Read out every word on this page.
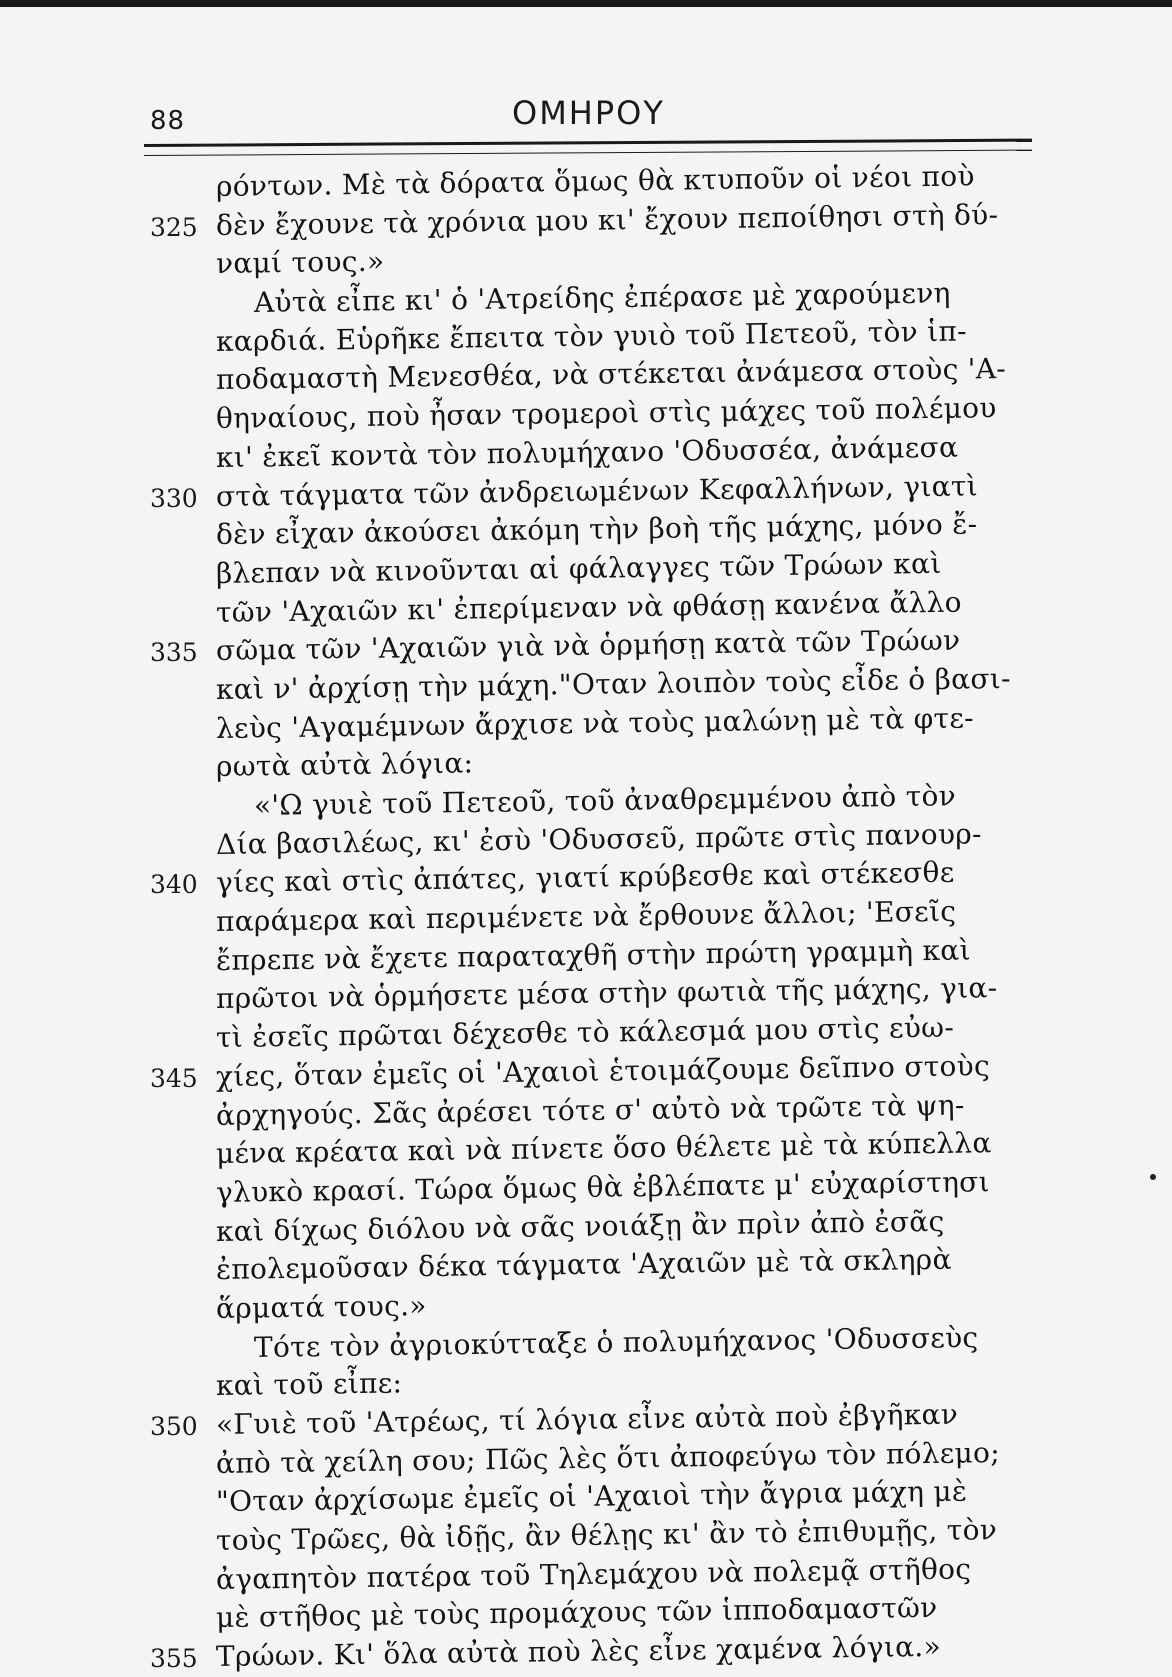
88	ΟΜΗΡΟΥ
ρόντων. Μὲ τὰ δόρατα ὅμως θὰ κτυποῦν οἱ νέοι ποὺ
325 δὲν ἔχουνε τὰ χρόνια μου κι' ἔχουν πεποίθησι στὴ δύ-
ναμί τους.»
Αὐτὰ εἶπε κι' ὁ 'Ατρείδης ἐπέρασε μὲ χαρούμενη
καρδιά. Εὑρῆκε ἔπειτα τὸν γυιὸ τοῦ Πετεοῦ, τὸν ἱπ-
ποδαμαστὴ Μενεσθέα, νὰ στέκεται ἀνάμεσα στοὺς 'Α-
θηναίους, ποὺ ἦσαν τρομεροὶ στὶς μάχες τοῦ πολέμου
κι' ἐκεῖ κοντὰ τὸν πολυμήχανο 'Οδυσσέα, ἀνάμεσα
330 στὰ τάγματα τῶν ἀνδρειωμένων Κεφαλλήνων, γιατὶ
δὲν εἶχαν ἀκούσει ἀκόμη τὴν βοὴ τῆς μάχης, μόνο ἔ-
βλεπαν νὰ κινοῦνται αἱ φάλαγγες τῶν Τρώων καὶ
τῶν 'Αχαιῶν κι' ἐπερίμεναν νὰ φθάσῃ κανένα ἄλλο
335 σῶμα τῶν 'Αχαιῶν γιὰ νὰ ὁρμήσῃ κατὰ τῶν Τρώων
καὶ ν' ἀρχίσῃ τὴν μάχη."Οταν λοιπὸν τοὺς εἶδε ὁ βασι-
λεὺς 'Αγαμέμνων ἄρχισε νὰ τοὺς μαλώνῃ μὲ τὰ φτε-
ρωτὰ αὐτὰ λόγια:
«'Ω γυιὲ τοῦ Πετεοῦ, τοῦ ἀναθρεμμένου ἀπὸ τὸν
Δία βασιλέως, κι' ἐσὺ 'Οδυσσεῦ, πρῶτε στὶς πανουρ-
340 γίες καὶ στὶς ἀπάτες, γιατί κρύβεσθε καὶ στέκεσθε
παράμερα καὶ περιμένετε νὰ ἔρθουνε ἄλλοι; 'Εσεῖς
ἔπρεπε νὰ ἔχετε παραταχθῆ στὴν πρώτη γραμμὴ καὶ
πρῶτοι νὰ ὁρμήσετε μέσα στὴν φωτιὰ τῆς μάχης, για-
τὶ ἐσεῖς πρῶται δέχεσθε τὸ κάλεσμά μου στὶς εὐω-
345 χίες, ὅταν ἐμεῖς οἱ 'Αχαιοὶ ἑτοιμάζουμε δεῖπνο στοὺς
ἀρχηγούς. Σᾶς ἀρέσει τότε σ' αὐτὸ νὰ τρῶτε τὰ ψη-
μένα κρέατα καὶ νὰ πίνετε ὅσο θέλετε μὲ τὰ κύπελλα
γλυκὸ κρασί. Τώρα ὅμως θὰ ἐβλέπατε μ' εὐχαρίστησι
καὶ δίχως διόλου νὰ σᾶς νοιάξῃ ἂν πρὶν ἀπὸ ἐσᾶς
ἐπολεμοῦσαν δέκα τάγματα 'Αχαιῶν μὲ τὰ σκληρὰ
ἅρματά τους.»
Τότε τὸν ἀγριοκύτταξε ὁ πολυμήχανος 'Οδυσσεὺς
καὶ τοῦ εἶπε:
350 «Γυιὲ τοῦ 'Ατρέως, τί λόγια εἶνε αὐτὰ ποὺ ἐβγῆκαν
ἀπὸ τὰ χείλη σου; Πῶς λὲς ὅτι ἀποφεύγω τὸν πόλεμο;
"Οταν ἀρχίσωμε ἐμεῖς οἱ 'Αχαιοὶ τὴν ἄγρια μάχη μὲ
τοὺς Τρῶες, θὰ ἰδῇς, ἂν θέλῃς κι' ἂν τὸ ἐπιθυμῇς, τὸν
ἀγαπητὸν πατέρα τοῦ Τηλεμάχου νὰ πολεμᾷ στῆθος
μὲ στῆθος μὲ τοὺς προμάχους τῶν ἱπποδαμαστῶν
355 Τρώων. Κι' ὅλα αὐτὰ ποὺ λὲς εἶνε χαμένα λόγια.»
